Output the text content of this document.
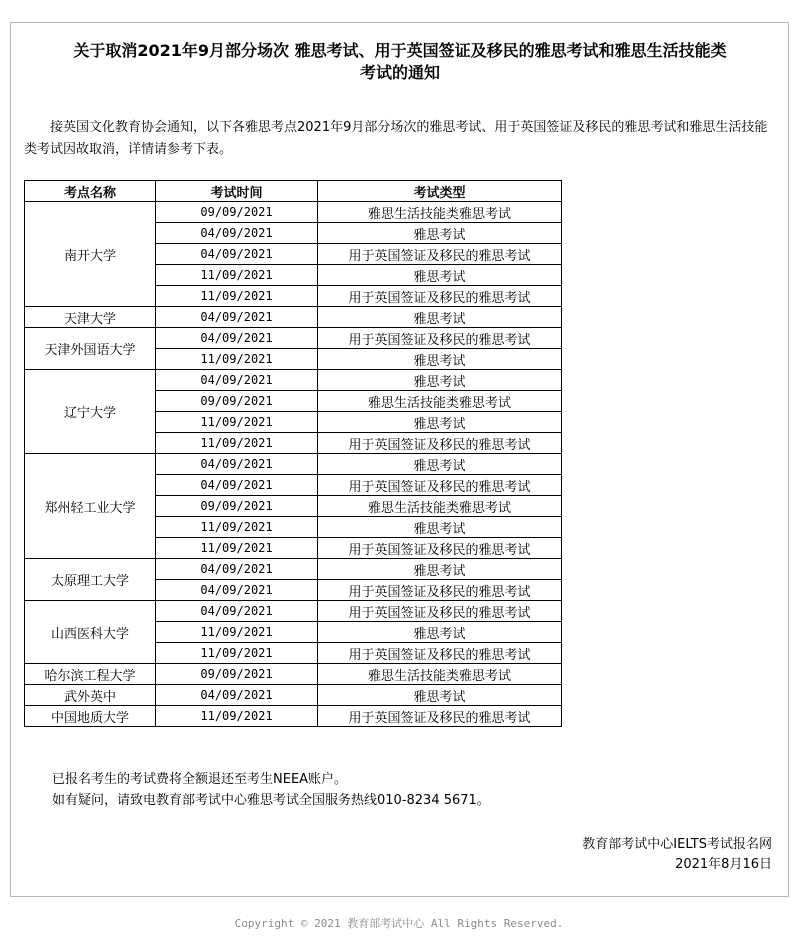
关于取消2021年9月部分场次 雅思考试、用于英国签证及移民的雅思考试和雅思生活技能类
考试的通知
接英国文化教育协会通知，以下各雅思考点2021年9月部分场次的雅思考试、用于英国签证及移民的雅思考试和雅思生活技能类考试因故取消，详情请参考下表。
考点名称	考试时间	考试类型
南开大学	09/09/2021	雅思生活技能类雅思考试
	04/09/2021	雅思考试
	04/09/2021	用于英国签证及移民的雅思考试
	11/09/2021	雅思考试
	11/09/2021	用于英国签证及移民的雅思考试
天津大学	04/09/2021	雅思考试
天津外国语大学	04/09/2021	用于英国签证及移民的雅思考试
	11/09/2021	雅思考试
辽宁大学	04/09/2021	雅思考试
	09/09/2021	雅思生活技能类雅思考试
	11/09/2021	雅思考试
	11/09/2021	用于英国签证及移民的雅思考试
郑州轻工业大学	04/09/2021	雅思考试
	04/09/2021	用于英国签证及移民的雅思考试
	09/09/2021	雅思生活技能类雅思考试
	11/09/2021	雅思考试
	11/09/2021	用于英国签证及移民的雅思考试
太原理工大学	04/09/2021	雅思考试
	04/09/2021	用于英国签证及移民的雅思考试
山西医科大学	04/09/2021	用于英国签证及移民的雅思考试
	11/09/2021	雅思考试
	11/09/2021	用于英国签证及移民的雅思考试
哈尔滨工程大学	09/09/2021	雅思生活技能类雅思考试
武外英中	04/09/2021	雅思考试
中国地质大学	11/09/2021	用于英国签证及移民的雅思考试
已报名考生的考试费将全额退还至考生NEEA账户。
如有疑问，请致电教育部考试中心雅思考试全国服务热线010-8234 5671。
教育部考试中心IELTS考试报名网
2021年8月16日
Copyright © 2021 教育部考试中心 All Rights Reserved.
